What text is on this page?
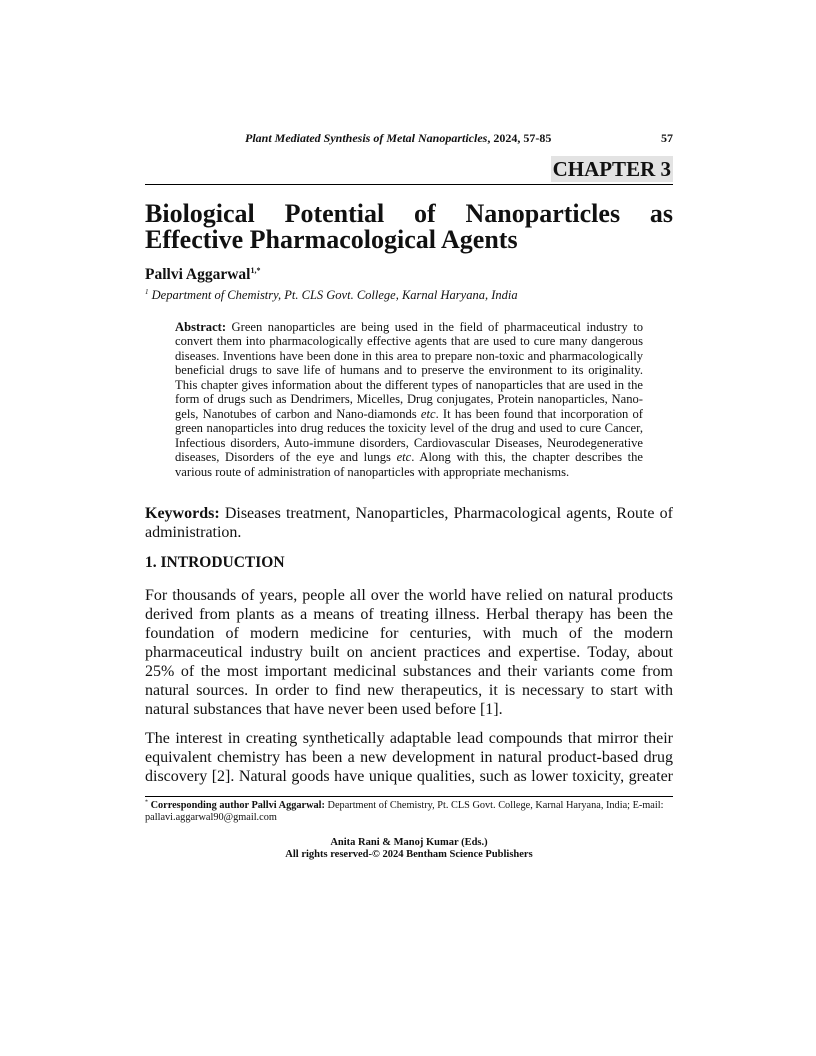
Plant Mediated Synthesis of Metal Nanoparticles, 2024, 57-85	57
CHAPTER 3
Biological Potential of Nanoparticles as Effective Pharmacological Agents
Pallvi Aggarwal$^{1,*}$
$^1$ Department of Chemistry, Pt. CLS Govt. College, Karnal Haryana, India
Abstract: Green nanoparticles are being used in the field of pharmaceutical industry to convert them into pharmacologically effective agents that are used to cure many dangerous diseases. Inventions have been done in this area to prepare non-toxic and pharmacologically beneficial drugs to save life of humans and to preserve the environment to its originality. This chapter gives information about the different types of nanoparticles that are used in the form of drugs such as Dendrimers, Micelles, Drug conjugates, Protein nanoparticles, Nano-gels, Nanotubes of carbon and Nano-diamonds etc. It has been found that incorporation of green nanoparticles into drug reduces the toxicity level of the drug and used to cure Cancer, Infectious disorders, Auto-immune disorders, Cardiovascular Diseases, Neurodegenerative diseases, Disorders of the eye and lungs etc. Along with this, the chapter describes the various route of administration of nanoparticles with appropriate mechanisms.
Keywords: Diseases treatment, Nanoparticles, Pharmacological agents, Route of administration.
1. INTRODUCTION

For thousands of years, people all over the world have relied on natural products derived from plants as a means of treating illness. Herbal therapy has been the foundation of modern medicine for centuries, with much of the modern pharmaceutical industry built on ancient practices and expertise. Today, about 25% of the most important medicinal substances and their variants come from natural sources. In order to find new therapeutics, it is necessary to start with natural substances that have never been used before [1].

The interest in creating synthetically adaptable lead compounds that mirror their equivalent chemistry has been a new development in natural product-based drug discovery [2]. Natural goods have unique qualities, such as lower toxicity, greater

* Corresponding author Pallvi Aggarwal: Department of Chemistry, Pt. CLS Govt. College, Karnal Haryana, India; E-mail: pallavi.aggarwal90@gmail.com
Anita Rani & Manoj Kumar (Eds.)
All rights reserved-© 2024 Bentham Science Publishers
